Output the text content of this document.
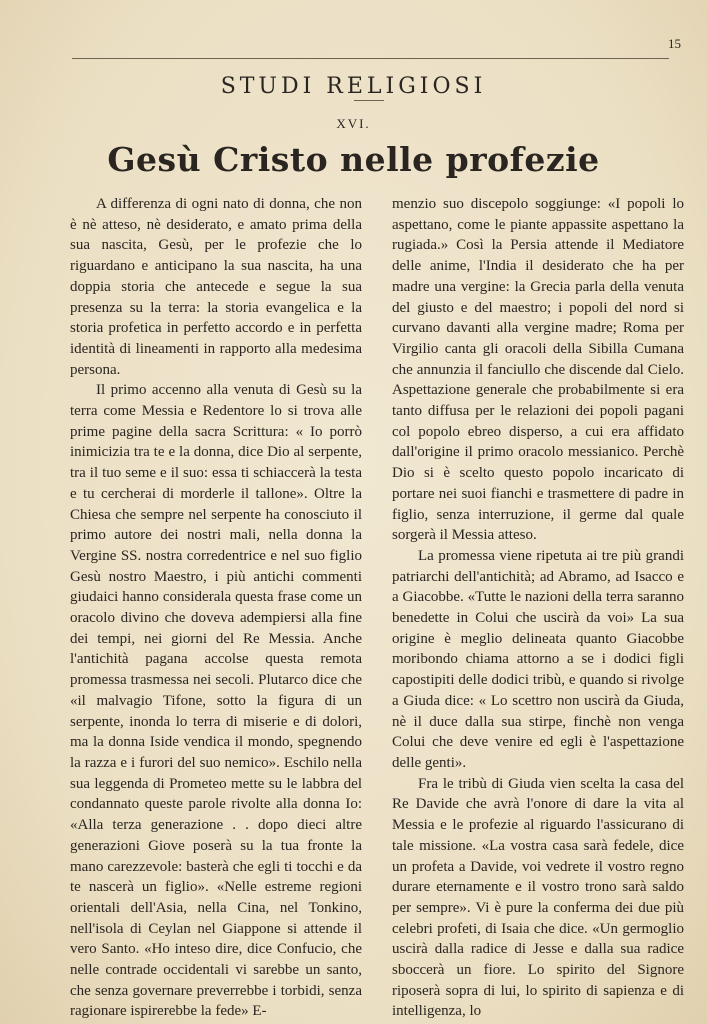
15
STUDI RELIGIOSI
XVI.
Gesù Cristo nelle profezie

A differenza di ogni nato di donna, che non è nè atteso, nè desiderato, e amato prima della sua nascita, Gesù, per le profezie che lo riguardano e anticipano la sua nascita, ha una doppia storia che antecede e segue la sua presenza su la terra: la storia evangelica e la storia profetica in perfetto accordo e in perfetta identità di lineamenti in rapporto alla medesima persona.

Il primo accenno alla venuta di Gesù su la terra come Messia e Redentore lo si trova alle prime pagine della sacra Scrittura: « Io porrò inimicizia tra te e la donna, dice Dio al serpente, tra il tuo seme e il suo: essa ti schiaccerà la testa e tu cercherai di morderle il tallone». Oltre la Chiesa che sempre nel serpente ha conosciuto il primo autore dei nostri mali, nella donna la Vergine SS. nostra corredentrice e nel suo figlio Gesù nostro Maestro, i più antichi commenti giudaici hanno considerala questa frase come un oracolo divino che doveva adempiersi alla fine dei tempi, nei giorni del Re Messia. Anche l'antichità pagana accolse questa remota promessa trasmessa nei secoli. Plutarco dice che «il malvagio Tifone, sotto la figura di un serpente, inonda lo terra di miserie e di dolori, ma la donna Iside vendica il mondo, spegnendo la razza e i furori del suo nemico». Eschilo nella sua leggenda di Prometeo mette su le labbra del condannato queste parole rivolte alla donna Io: «Alla terza generazione . . dopo dieci altre generazioni Giove poserà su la tua fronte la mano carezzevole: basterà che egli ti tocchi e da te nascerà un figlio». «Nelle estreme regioni orientali dell'Asia, nella Cina, nel Tonkino, nell'isola di Ceylan nel Giappone si attende il vero Santo. «Ho inteso dire, dice Confucio, che nelle contrade occidentali vi sarebbe un santo, che senza governare preverrebbe i torbidi, senza ragionare ispirerebbe la fede» E-

menzio suo discepolo soggiunge: «I popoli lo aspettano, come le piante appassite aspettano la rugiada.» Così la Persia attende il Mediatore delle anime, l'India il desiderato che ha per madre una vergine: la Grecia parla della venuta del giusto e del maestro; i popoli del nord si curvano davanti alla vergine madre; Roma per Virgilio canta gli oracoli della Sibilla Cumana che annunzia il fanciullo che discende dal Cielo. Aspettazione generale che probabilmente si era tanto diffusa per le relazioni dei popoli pagani col popolo ebreo disperso, a cui era affidato dall'origine il primo oracolo messianico. Perchè Dio si è scelto questo popolo incaricato di portare nei suoi fianchi e trasmettere di padre in figlio, senza interruzione, il germe dal quale sorgerà il Messia atteso.

La promessa viene ripetuta ai tre più grandi patriarchi dell'antichità; ad Abramo, ad Isacco e a Giacobbe. «Tutte le nazioni della terra saranno benedette in Colui che uscirà da voi» La sua origine è meglio delineata quanto Giacobbe moribondo chiama attorno a se i dodici figli capostipiti delle dodici tribù, e quando si rivolge a Giuda dice: « Lo scettro non uscirà da Giuda, nè il duce dalla sua stirpe, finchè non venga Colui che deve venire ed egli è l'aspettazione delle genti».

Fra le tribù di Giuda vien scelta la casa del Re Davide che avrà l'onore di dare la vita al Messia e le profezie al riguardo l'assicurano di tale missione. «La vostra casa sarà fedele, dice un profeta a Davide, voi vedrete il vostro regno durare eternamente e il vostro trono sarà saldo per sempre». Vi è pure la conferma dei due più celebri profeti, di Isaia che dice. «Un germoglio uscirà dalla radice di Jesse e dalla sua radice sboccerà un fiore. Lo spirito del Signore riposerà sopra di lui, lo spirito di sapienza e di intelligenza, lo
